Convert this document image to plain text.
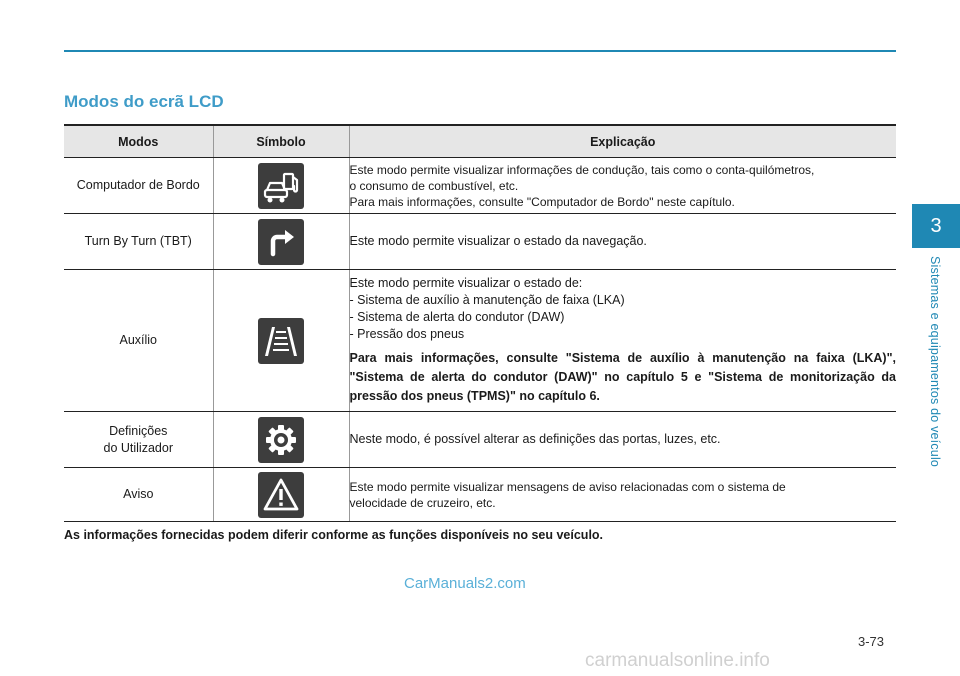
Modos do ecrã LCD
3
Sistemas e equipamentos do veículo
Modos	Símbolo	Explicação
Computador de Bordo		Este modo permite visualizar informações de condução, tais como o conta-quilómetros,
o consumo de combustível, etc.
Para mais informações, consulte "Computador de Bordo" neste capítulo.

Turn By Turn (TBT)		Este modo permite visualizar o estado da navegação.

Auxílio		Este modo permite visualizar o estado de:
- Sistema de auxílio à manutenção de faixa (LKA)
- Sistema de alerta do condutor (DAW)
- Pressão dos pneus
Para mais informações, consulte "Sistema de auxílio à manutenção na faixa (LKA)", "Sistema de alerta do condutor (DAW)" no capítulo 5 e "Sistema de monitorização da pressão dos pneus (TPMS)" no capítulo 6.

Definições
do Utilizador		Neste modo, é possível alterar as definições das portas, luzes, etc.

Aviso		Este modo permite visualizar mensagens de aviso relacionadas com o sistema de
velocidade de cruzeiro, etc.
As informações fornecidas podem diferir conforme as funções disponíveis no seu veículo.
CarManuals2.com
3-73
carmanualsonline.info
